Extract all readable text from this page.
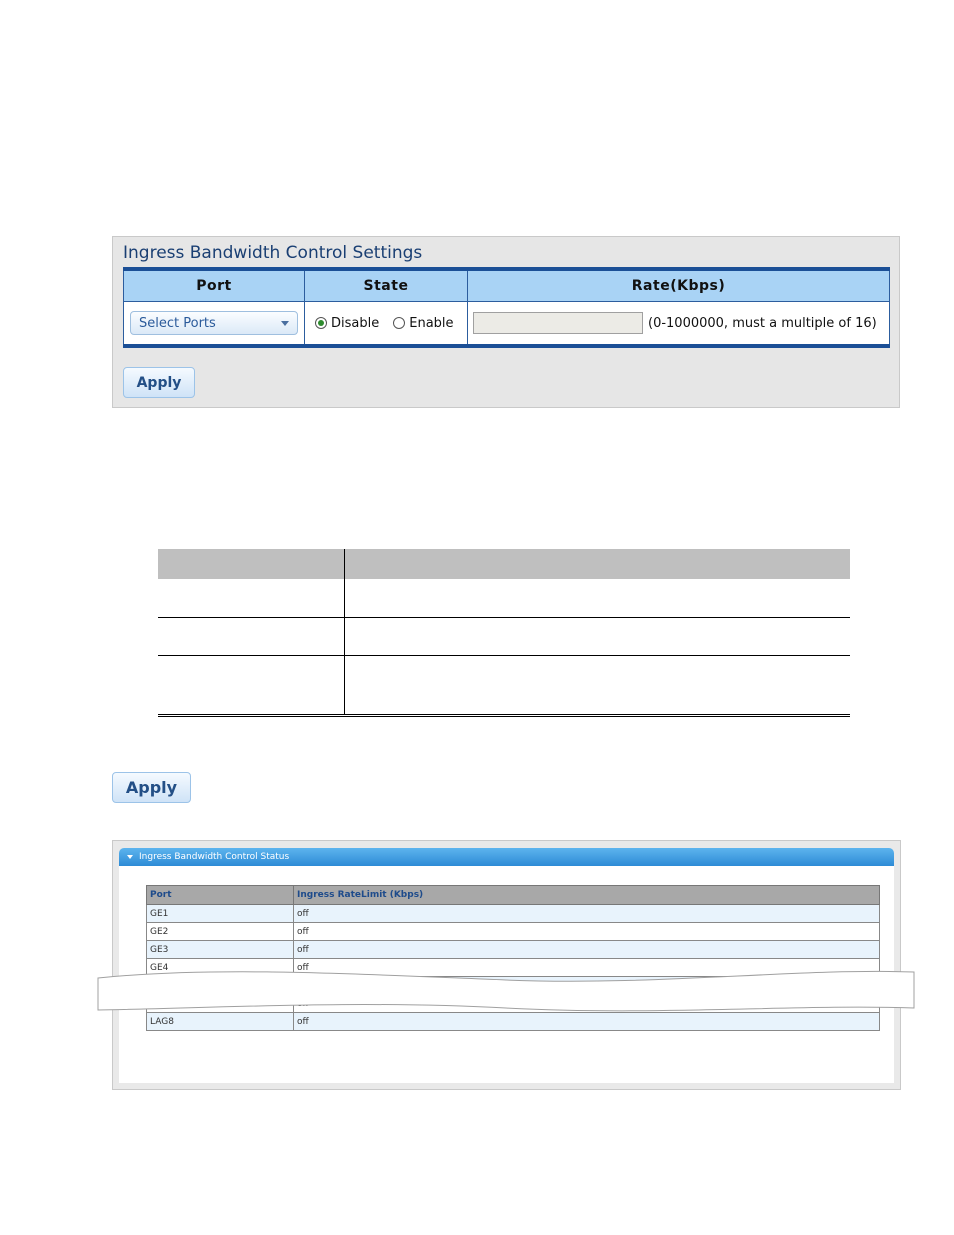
Ingress Bandwidth Control Settings
Port	State	Rate(Kbps)

Select Ports	Disable Enable	(0-1000000, must a multiple of 16)
Apply

Apply
Ingress Bandwidth Control Status
Port	Ingress RateLimit (Kbps)
GE1	off
GE2	off
GE3	off
GE4	off

LAG8	off
